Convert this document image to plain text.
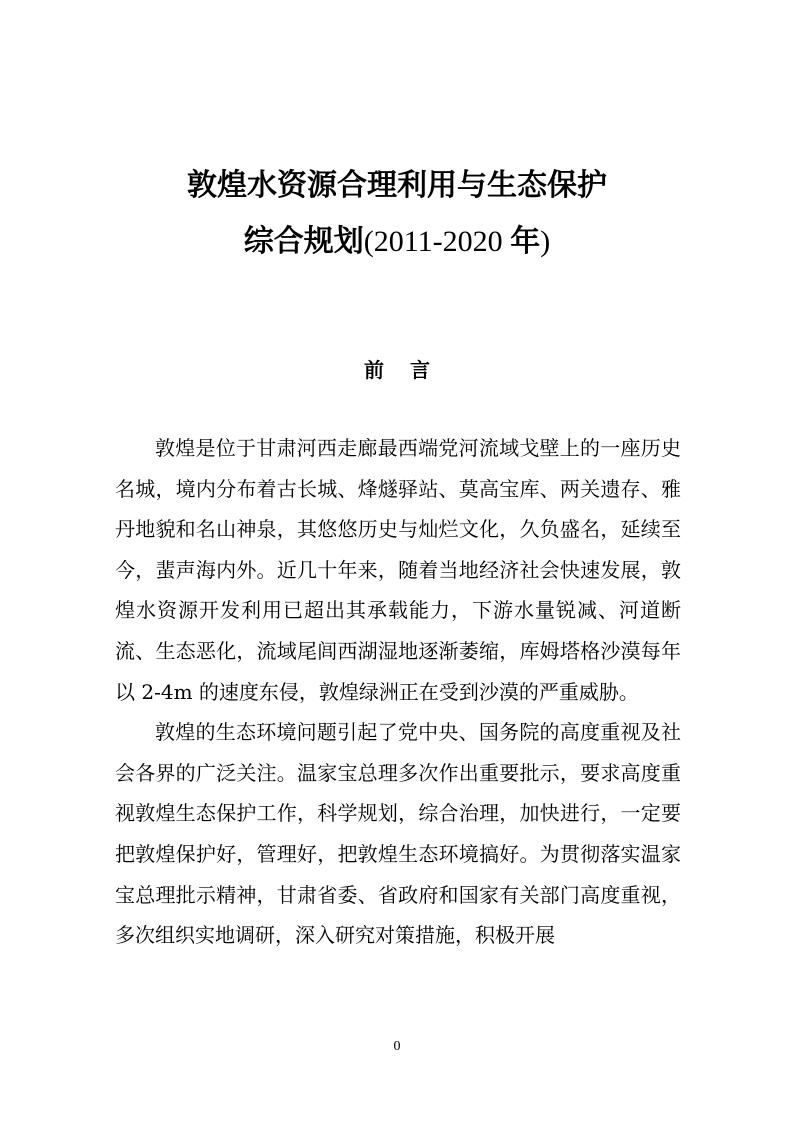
敦煌水资源合理利用与生态保护
综合规划(2011-2020 年)
前言

敦煌是位于甘肃河西走廊最西端党河流域戈壁上的一座历史名城，境内分布着古长城、烽燧驿站、莫高宝库、两关遗存、雅丹地貌和名山神泉，其悠悠历史与灿烂文化，久负盛名，延续至今，蜚声海内外。近几十年来，随着当地经济社会快速发展，敦煌水资源开发利用已超出其承载能力，下游水量锐减、河道断流、生态恶化，流域尾闾西湖湿地逐渐萎缩，库姆塔格沙漠每年以 2-4m 的速度东侵，敦煌绿洲正在受到沙漠的严重威胁。

敦煌的生态环境问题引起了党中央、国务院的高度重视及社会各界的广泛关注。温家宝总理多次作出重要批示，要求高度重视敦煌生态保护工作，科学规划，综合治理，加快进行，一定要把敦煌保护好，管理好，把敦煌生态环境搞好。为贯彻落实温家宝总理批示精神，甘肃省委、省政府和国家有关部门高度重视，多次组织实地调研，深入研究对策措施，积极开展

0
